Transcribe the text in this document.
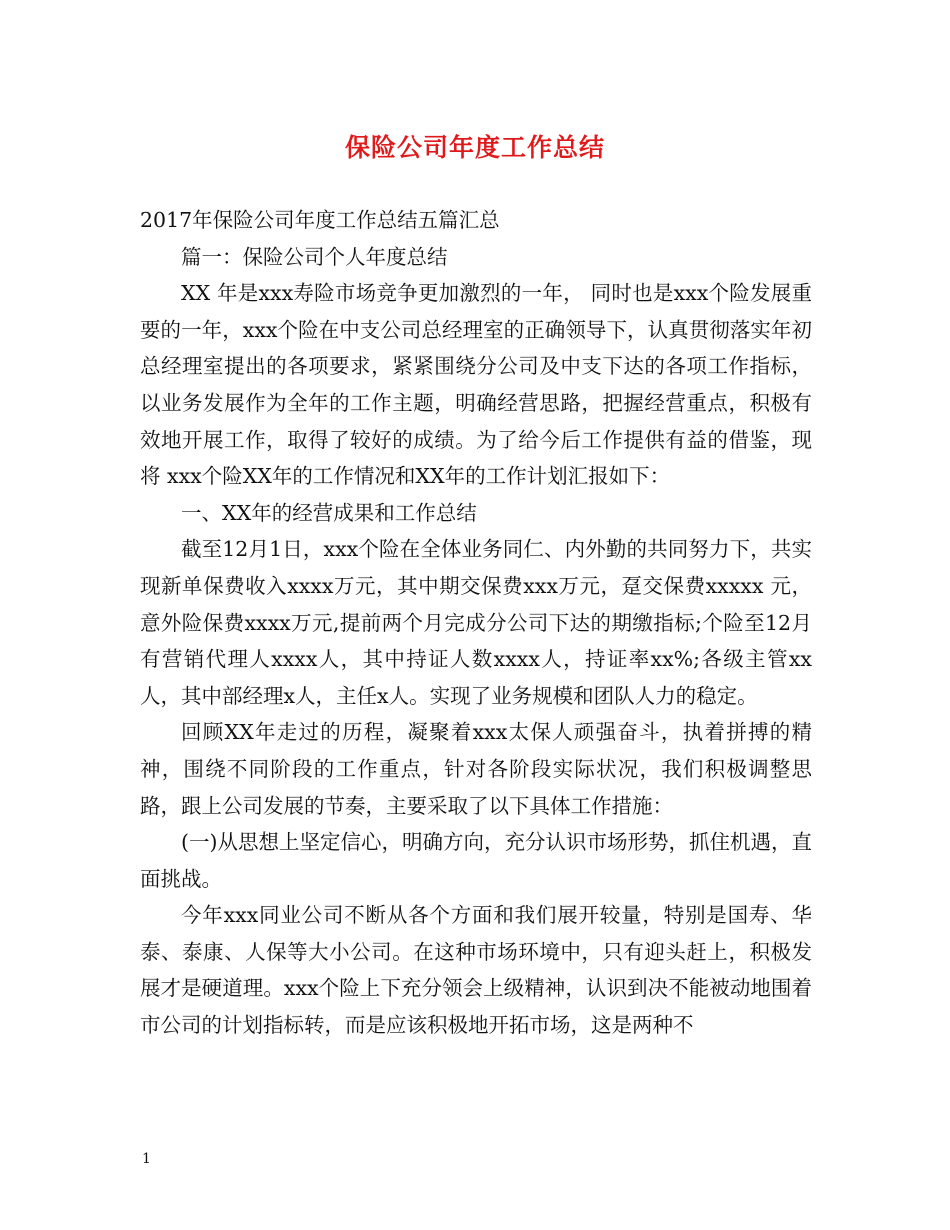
保险公司年度工作总结

2017年保险公司年度工作总结五篇汇总

篇一：保险公司个人年度总结

XX 年是xxx寿险市场竞争更加激烈的一年， 同时也是xxx个险发展重要的一年，xxx个险在中支公司总经理室的正确领导下，认真贯彻落实年初总经理室提出的各项要求，紧紧围绕分公司及中支下达的各项工作指标，以业务发展作为全年的工作主题，明确经营思路，把握经营重点，积极有效地开展工作，取得了较好的成绩。为了给今后工作提供有益的借鉴，现将 xxx个险XX年的工作情况和XX年的工作计划汇报如下：

一、XX年的经营成果和工作总结

截至12月1日，xxx个险在全体业务同仁、内外勤的共同努力下，共实现新单保费收入xxxx万元，其中期交保费xxx万元，趸交保费xxxxx 元，意外险保费xxxx万元,提前两个月完成分公司下达的期缴指标;个险至12月有营销代理人xxxx人，其中持证人数xxxx人，持证率xx%;各级主管xx人，其中部经理x人，主任x人。实现了业务规模和团队人力的稳定。

回顾XX年走过的历程，凝聚着xxx太保人顽强奋斗，执着拼搏的精神，围绕不同阶段的工作重点，针对各阶段实际状况，我们积极调整思路，跟上公司发展的节奏，主要采取了以下具体工作措施：

(一)从思想上坚定信心，明确方向，充分认识市场形势，抓住机遇，直面挑战。

今年xxx同业公司不断从各个方面和我们展开较量，特别是国寿、华泰、泰康、人保等大小公司。在这种市场环境中，只有迎头赶上，积极发展才是硬道理。xxx个险上下充分领会上级精神，认识到决不能被动地围着市公司的计划指标转，而是应该积极地开拓市场，这是两种不

1
